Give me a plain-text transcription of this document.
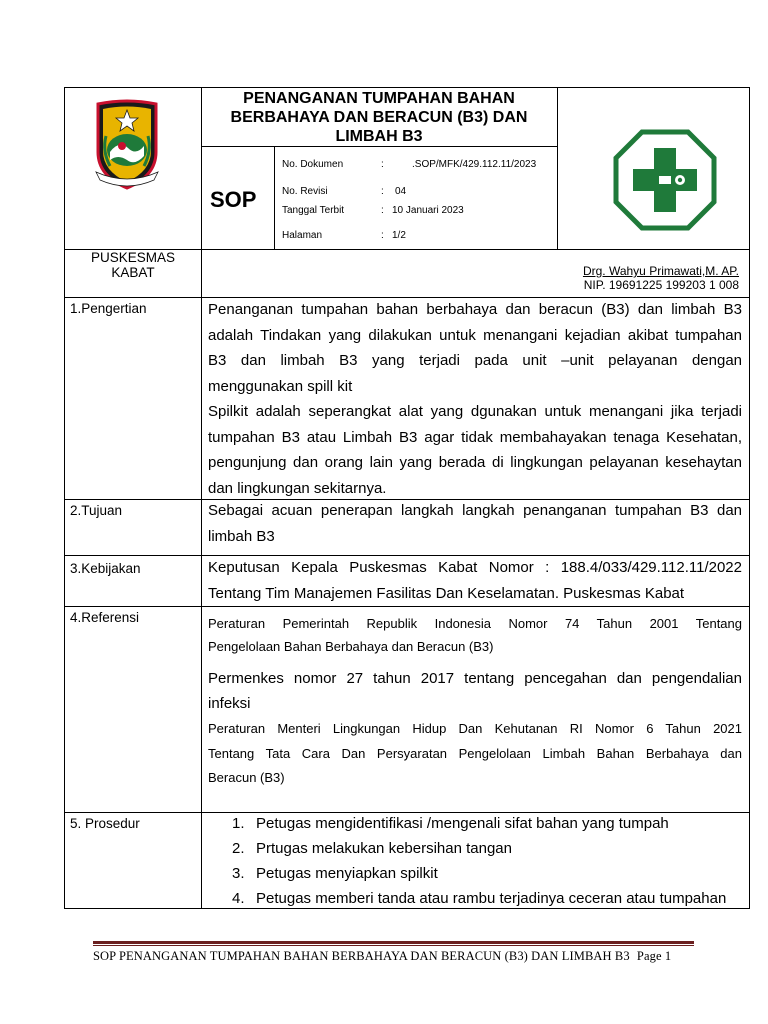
PENANGANAN TUMPAHAN BAHAN
BERBAHAYA DAN BERACUN (B3) DAN
LIMBAH B3
SOP
No. Dokumen	:	.SOP/MFK/429.112.11/2023
No. Revisi	: 04
Tanggal Terbit	: 10 Januari 2023
Halaman	: 1/2
PUSKESMAS
KABAT	Drg. Wahyu Primawati,M. AP.
NIP. 19691225 199203 1 008
1.Pengertian	Penanganan tumpahan bahan berbahaya dan beracun (B3) dan limbah B3
adalah Tindakan yang dilakukan untuk menangani kejadian akibat tumpahan
B3 dan limbah B3 yang terjadi pada unit –unit pelayanan dengan
menggunakan spill kit
Spilkit adalah seperangkat alat yang dgunakan untuk menangani jika terjadi
tumpahan B3 atau Limbah B3 agar tidak membahayakan tenaga Kesehatan,
pengunjung dan orang lain yang berada di lingkungan pelayanan kesehaytan
dan lingkungan sekitarnya.
2.Tujuan	Sebagai acuan penerapan langkah langkah penanganan tumpahan B3 dan
limbah B3
3.Kebijakan	Keputusan Kepala Puskesmas Kabat Nomor : 188.4/033/429.112.11/2022
Tentang Tim Manajemen Fasilitas Dan Keselamatan. Puskesmas Kabat
4.Referensi	Peraturan Pemerintah Republik Indonesia Nomor 74 Tahun 2001 Tentang
Pengelolaan Bahan Berbahaya dan Beracun (B3)
Permenkes nomor 27 tahun 2017 tentang pencegahan dan pengendalian
infeksi
Peraturan Menteri Lingkungan Hidup Dan Kehutanan RI Nomor 6 Tahun 2021
Tentang Tata Cara Dan Persyaratan Pengelolaan Limbah Bahan Berbahaya dan
Beracun (B3)
5. Prosedur	1. Petugas mengidentifikasi /mengenali sifat bahan yang tumpah
2. Prtugas melakukan kebersihan tangan
3. Petugas menyiapkan spilkit
4. Petugas memberi tanda atau rambu terjadinya ceceran atau tumpahan
SOP PENANGANAN TUMPAHAN BAHAN BERBAHAYA DAN BERACUN (B3) DAN LIMBAH B3 Page 1
